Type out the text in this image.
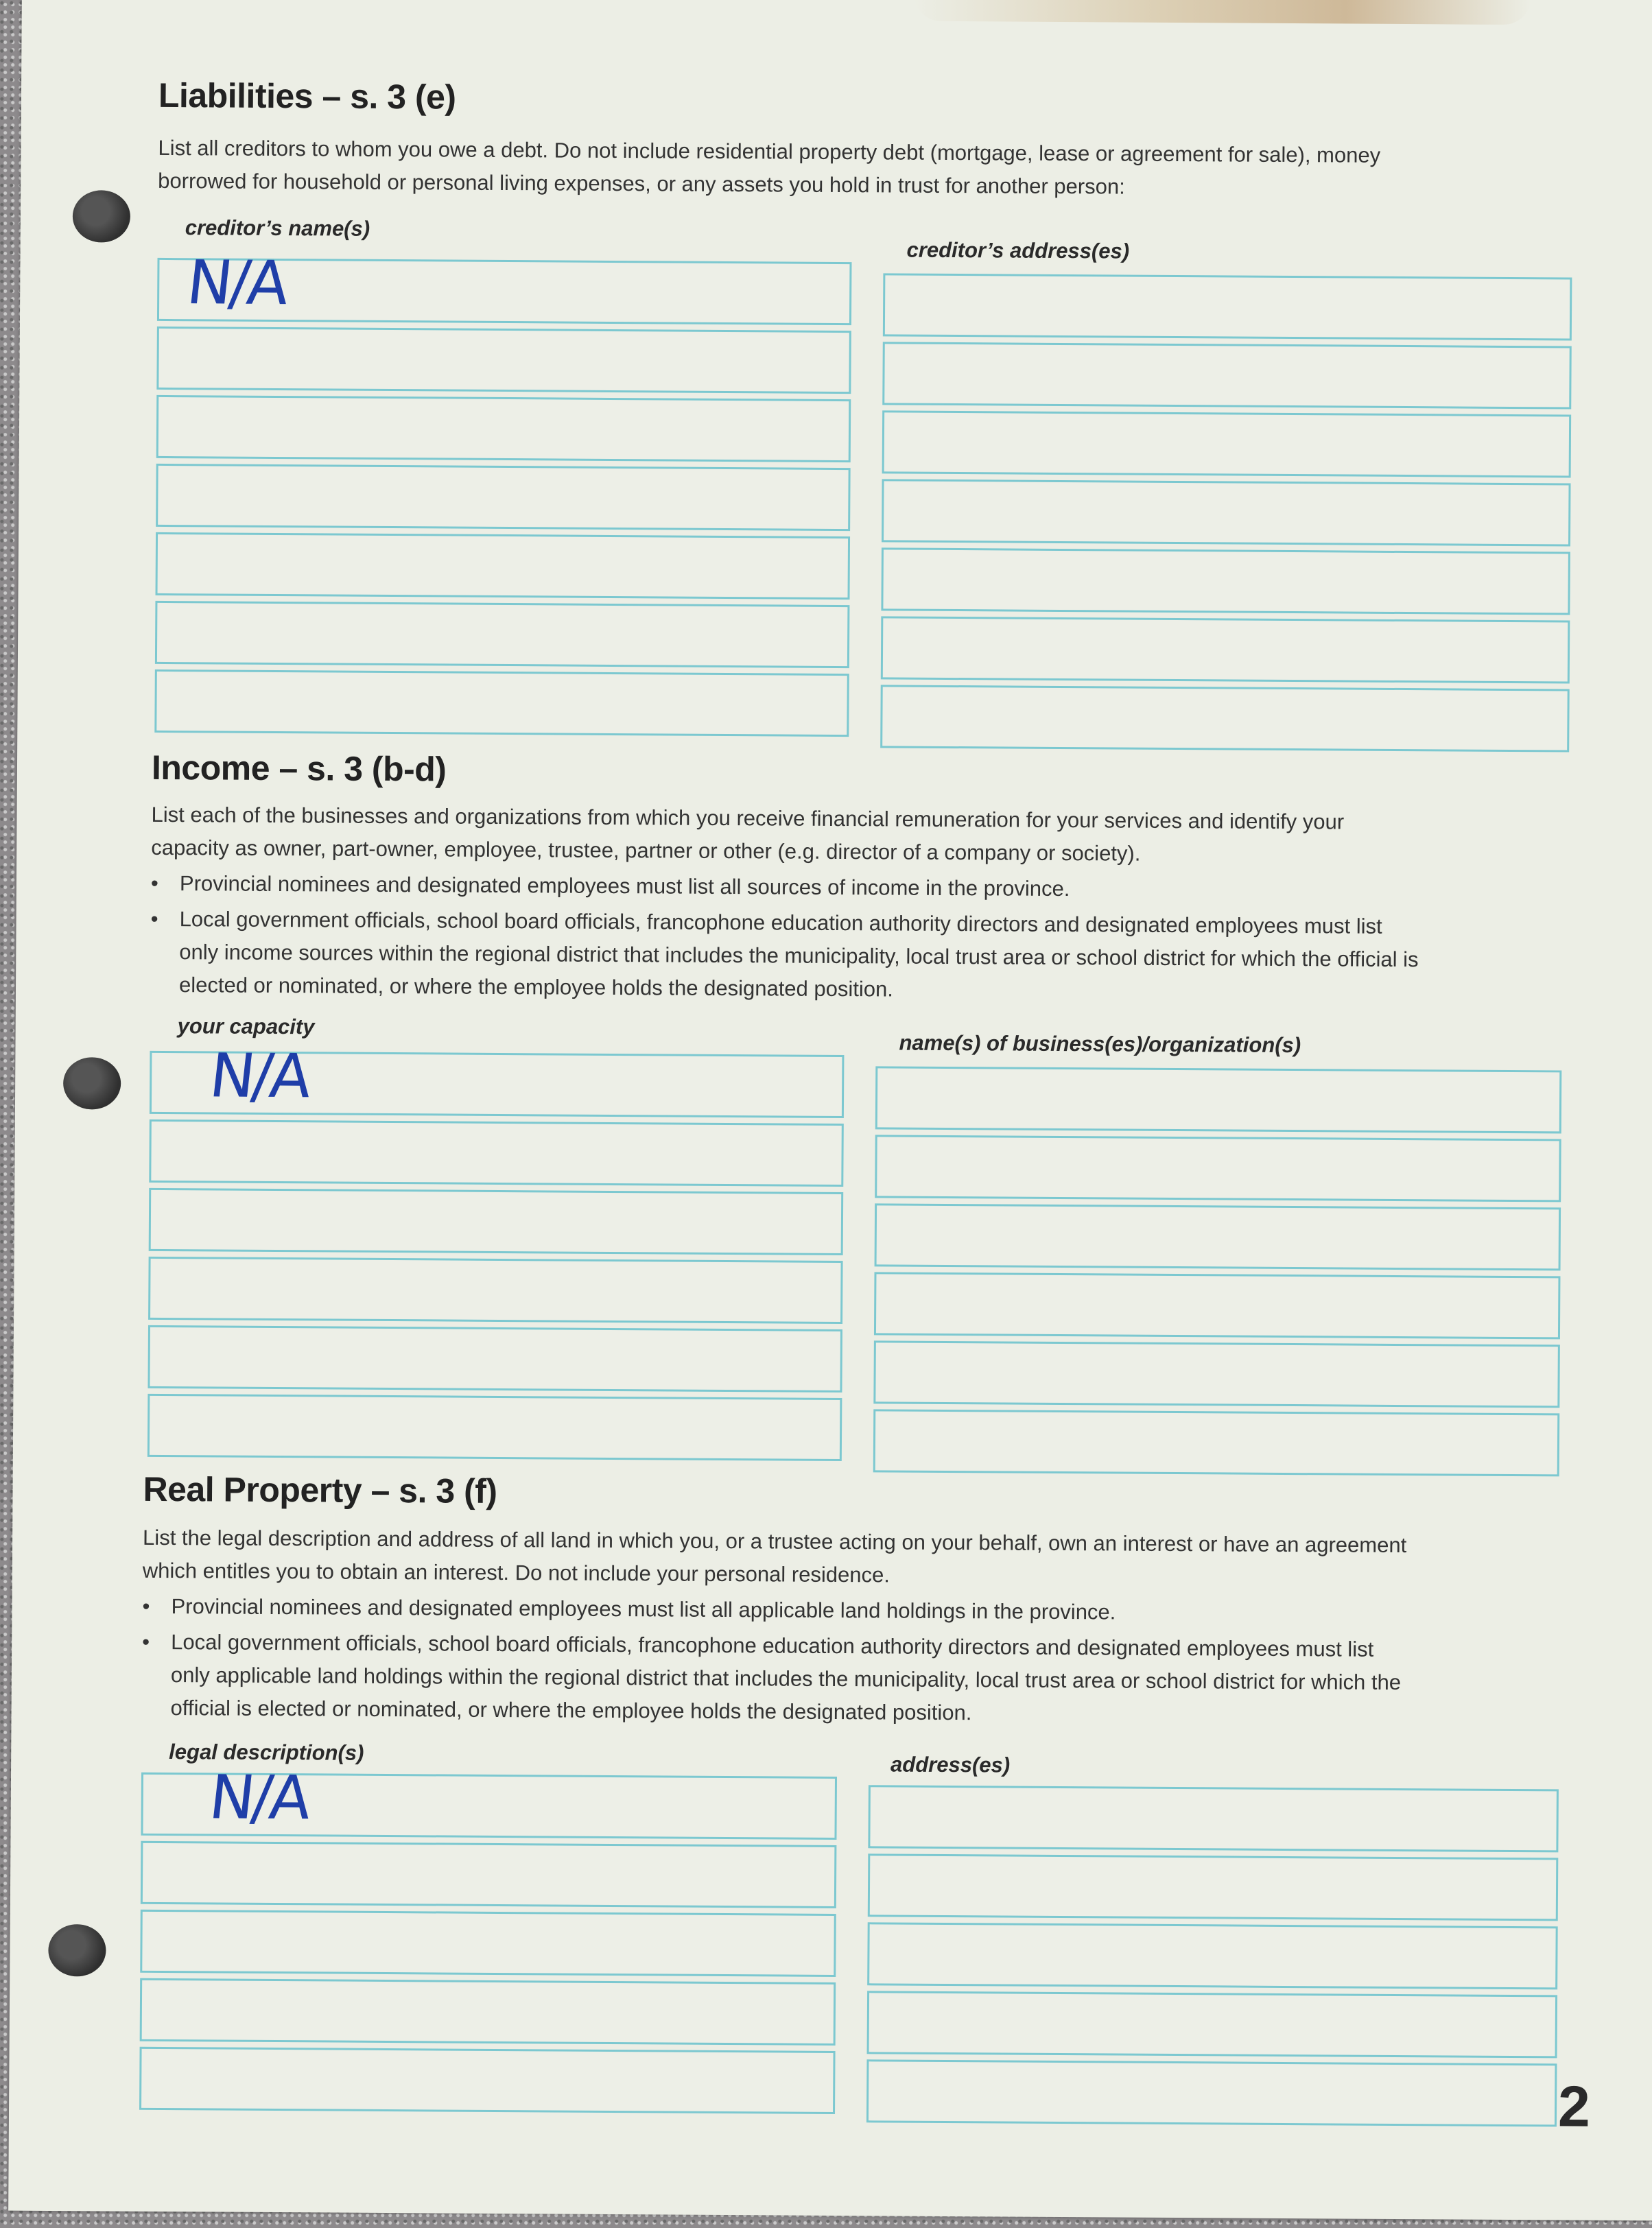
Liabilities – s. 3 (e)
List all creditors to whom you owe a debt. Do not include residential property debt (mortgage, lease or agreement for sale), money
borrowed for household or personal living expenses, or any assets you hold in trust for another person:
creditor’s name(s)
creditor’s address(es)
N/A
Income – s. 3 (b-d)
List each of the businesses and organizations from which you receive financial remuneration for your services and identify your
capacity as owner, part-owner, employee, trustee, partner or other (e.g. director of a company or society).
• Provincial nominees and designated employees must list all sources of income in the province.
• Local government officials, school board officials, francophone education authority directors and designated employees must list
only income sources within the regional district that includes the municipality, local trust area or school district for which the official is
elected or nominated, or where the employee holds the designated position.
your capacity
name(s) of business(es)/organization(s)
N/A
Real Property – s. 3 (f)
List the legal description and address of all land in which you, or a trustee acting on your behalf, own an interest or have an agreement
which entitles you to obtain an interest. Do not include your personal residence.
• Provincial nominees and designated employees must list all applicable land holdings in the province.
• Local government officials, school board officials, francophone education authority directors and designated employees must list
only applicable land holdings within the regional district that includes the municipality, local trust area or school district for which the
official is elected or nominated, or where the employee holds the designated position.
legal description(s)	address(es)
N/A
2
